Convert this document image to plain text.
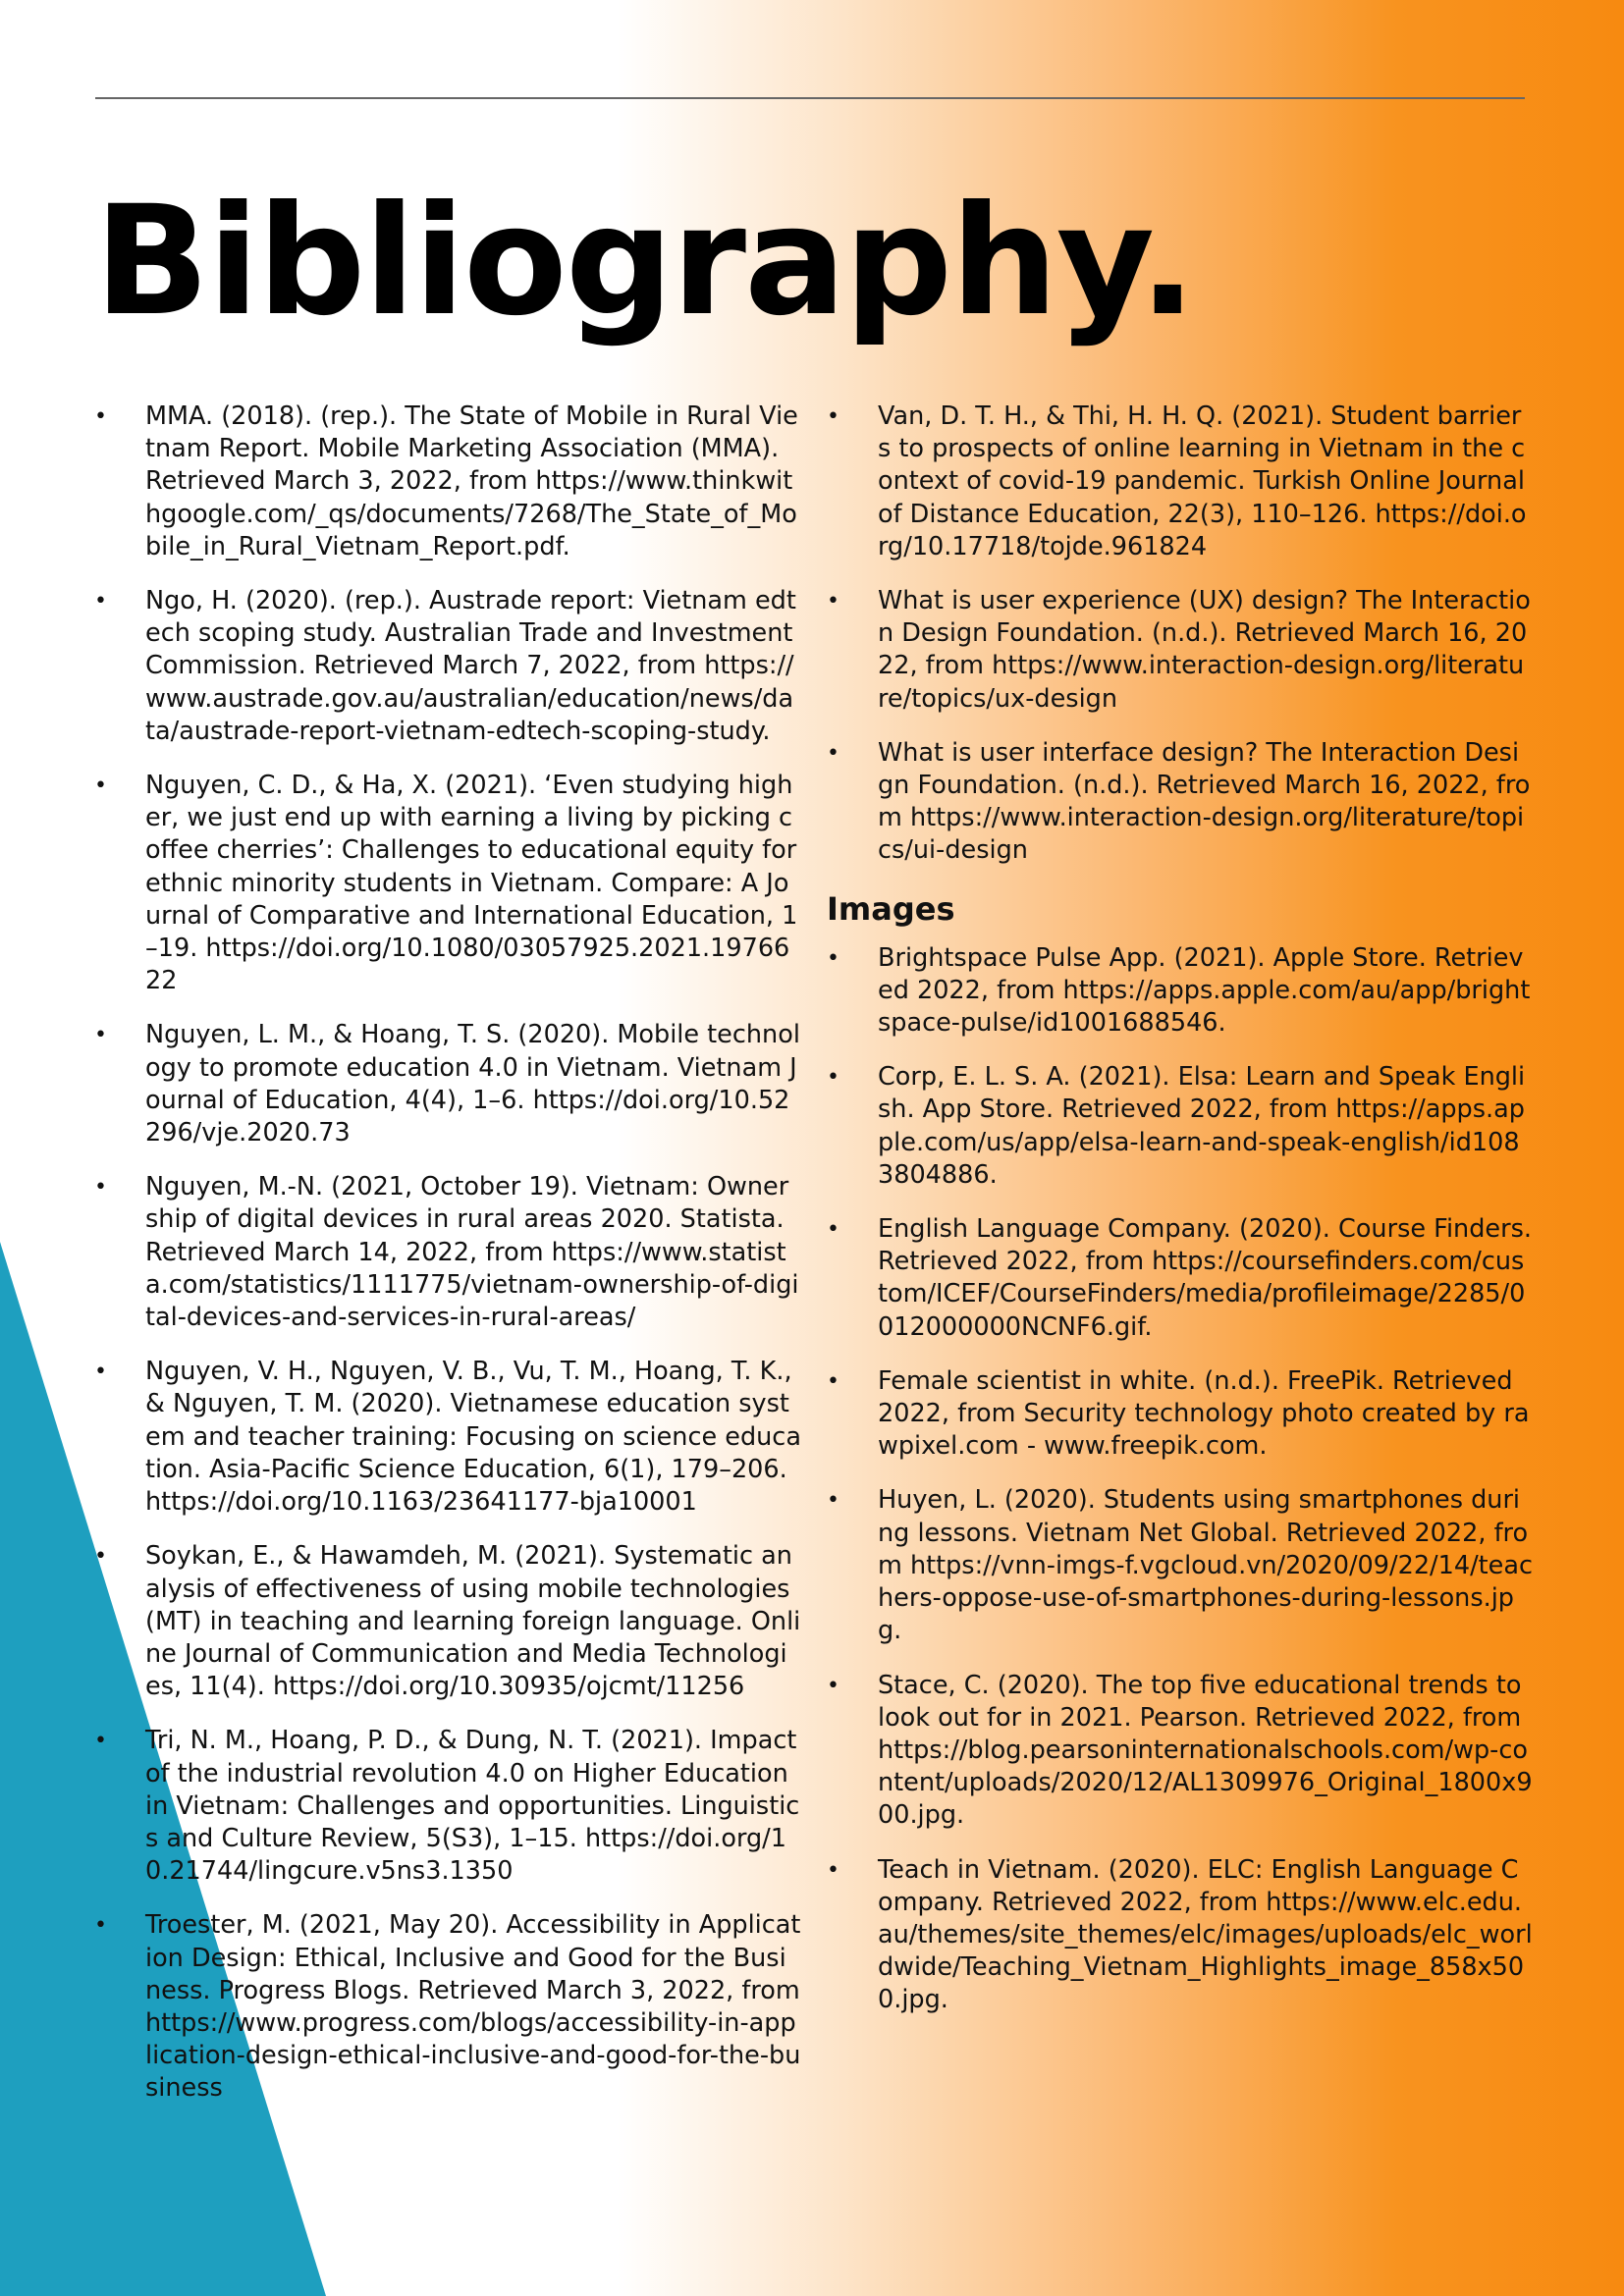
Bibliography.
• MMA. (2018). (rep.). The State of Mobile in Rural Vietnam Report. Mobile Marketing Association (MMA). Retrieved March 3, 2022, from https://www.thinkwithgoogle.com/_qs/documents/7268/The_State_of_Mobile_in_Rural_Vietnam_Report.pdf.
• Ngo, H. (2020). (rep.). Austrade report: Vietnam edtech scoping study. Australian Trade and Investment Commission. Retrieved March 7, 2022, from https://www.austrade.gov.au/australian/education/news/data/austrade-report-vietnam-edtech-scoping-study.
• Nguyen, C. D., & Ha, X. (2021). ‘Even studying higher, we just end up with earning a living by picking coffee cherries’: Challenges to educational equity for ethnic minority students in Vietnam. Compare: A Journal of Comparative and International Education, 1–19. https://doi.org/10.1080/03057925.2021.1976622
• Nguyen, L. M., & Hoang, T. S. (2020). Mobile technology to promote education 4.0 in Vietnam. Vietnam Journal of Education, 4(4), 1–6. https://doi.org/10.52296/vje.2020.73
• Nguyen, M.-N. (2021, October 19). Vietnam: Ownership of digital devices in rural areas 2020. Statista. Retrieved March 14, 2022, from https://www.statista.com/statistics/1111775/vietnam-ownership-of-digital-devices-and-services-in-rural-areas/
• Nguyen, V. H., Nguyen, V. B., Vu, T. M., Hoang, T. K., & Nguyen, T. M. (2020). Vietnamese education system and teacher training: Focusing on science education. Asia-Pacific Science Education, 6(1), 179–206. https://doi.org/10.1163/23641177-bja10001
• Soykan, E., & Hawamdeh, M. (2021). Systematic analysis of effectiveness of using mobile technologies (MT) in teaching and learning foreign language. Online Journal of Communication and Media Technologies, 11(4). https://doi.org/10.30935/ojcmt/11256
• Tri, N. M., Hoang, P. D., & Dung, N. T. (2021). Impact of the industrial revolution 4.0 on Higher Education in Vietnam: Challenges and opportunities. Linguistics and Culture Review, 5(S3), 1–15. https://doi.org/10.21744/lingcure.v5ns3.1350
• Troester, M. (2021, May 20). Accessibility in Application Design: Ethical, Inclusive and Good for the Business. Progress Blogs. Retrieved March 3, 2022, from https://www.progress.com/blogs/accessibility-in-application-design-ethical-inclusive-and-good-for-the-business
• Van, D. T. H., & Thi, H. H. Q. (2021). Student barriers to prospects of online learning in Vietnam in the context of covid-19 pandemic. Turkish Online Journal of Distance Education, 22(3), 110–126. https://doi.org/10.17718/tojde.961824
• What is user experience (UX) design? The Interaction Design Foundation. (n.d.). Retrieved March 16, 2022, from https://www.interaction-design.org/literature/topics/ux-design
• What is user interface design? The Interaction Design Foundation. (n.d.). Retrieved March 16, 2022, from https://www.interaction-design.org/literature/topics/ui-design
Images
• Brightspace Pulse App. (2021). Apple Store. Retrieved 2022, from https://apps.apple.com/au/app/brightspace-pulse/id1001688546.
• Corp, E. L. S. A. (2021). Elsa: Learn and Speak English. App Store. Retrieved 2022, from https://apps.apple.com/us/app/elsa-learn-and-speak-english/id1083804886.
• English Language Company. (2020). Course Finders. Retrieved 2022, from https://coursefinders.com/custom/ICEF/CourseFinders/media/profileimage/2285/0012000000NCNF6.gif.
• Female scientist in white. (n.d.). FreePik. Retrieved 2022, from Security technology photo created by rawpixel.com - www.freepik.com.
• Huyen, L. (2020). Students using smartphones during lessons. Vietnam Net Global. Retrieved 2022, from https://vnn-imgs-f.vgcloud.vn/2020/09/22/14/teachers-oppose-use-of-smartphones-during-lessons.jpg.
• Stace, C. (2020). The top five educational trends to look out for in 2021. Pearson. Retrieved 2022, from https://blog.pearsoninternationalschools.com/wp-content/uploads/2020/12/AL1309976_Original_1800x900.jpg.
• Teach in Vietnam. (2020). ELC: English Language Company. Retrieved 2022, from https://www.elc.edu.au/themes/site_themes/elc/images/uploads/elc_worldwide/Teaching_Vietnam_Highlights_image_858x500.jpg.
